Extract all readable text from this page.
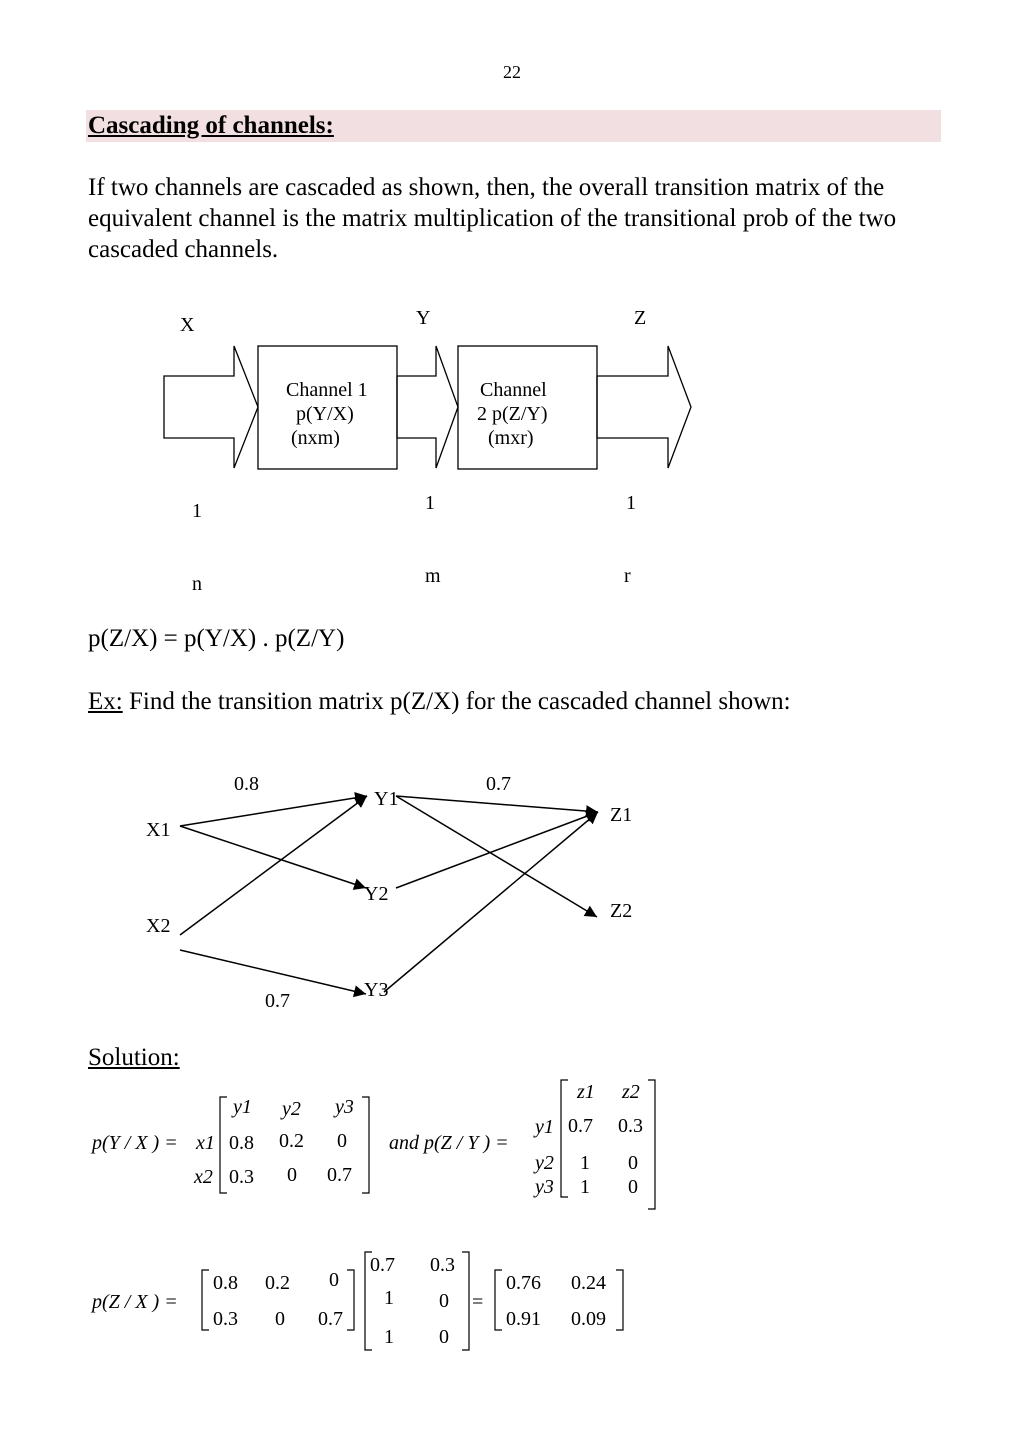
22
Cascading of channels:
If two channels are cascaded as shown, then, the overall transition matrix of the equivalent channel is the matrix multiplication of the transitional prob of the two cascaded channels.
X	Y	Z
Channel 1
p(Y/X)
(nxm)
Channel
2 p(Z/Y)
(mxr)
1	1	1
n	m	r
p(Z/X) = p(Y/X) . p(Z/Y)
Ex: Find the transition matrix p(Z/X) for the cascaded channel shown:
X1
X2
Y1
Y2
Y3
Z1
Z2
0.8
0.7
0.7
Solution:
p(Y / X ) =
y1 y2 y3
x1 0.8 0.2 0
x2 0.3 0 0.7
and p(Z / Y ) =
z1 z2
y1 0.7 0.3
y2 1 0
y3 1 0
p(Z / X ) =
0.8 0.2 0
0.3 0 0.7
0.7 0.3
1 0
1 0
=
0.76 0.24
0.91 0.09
